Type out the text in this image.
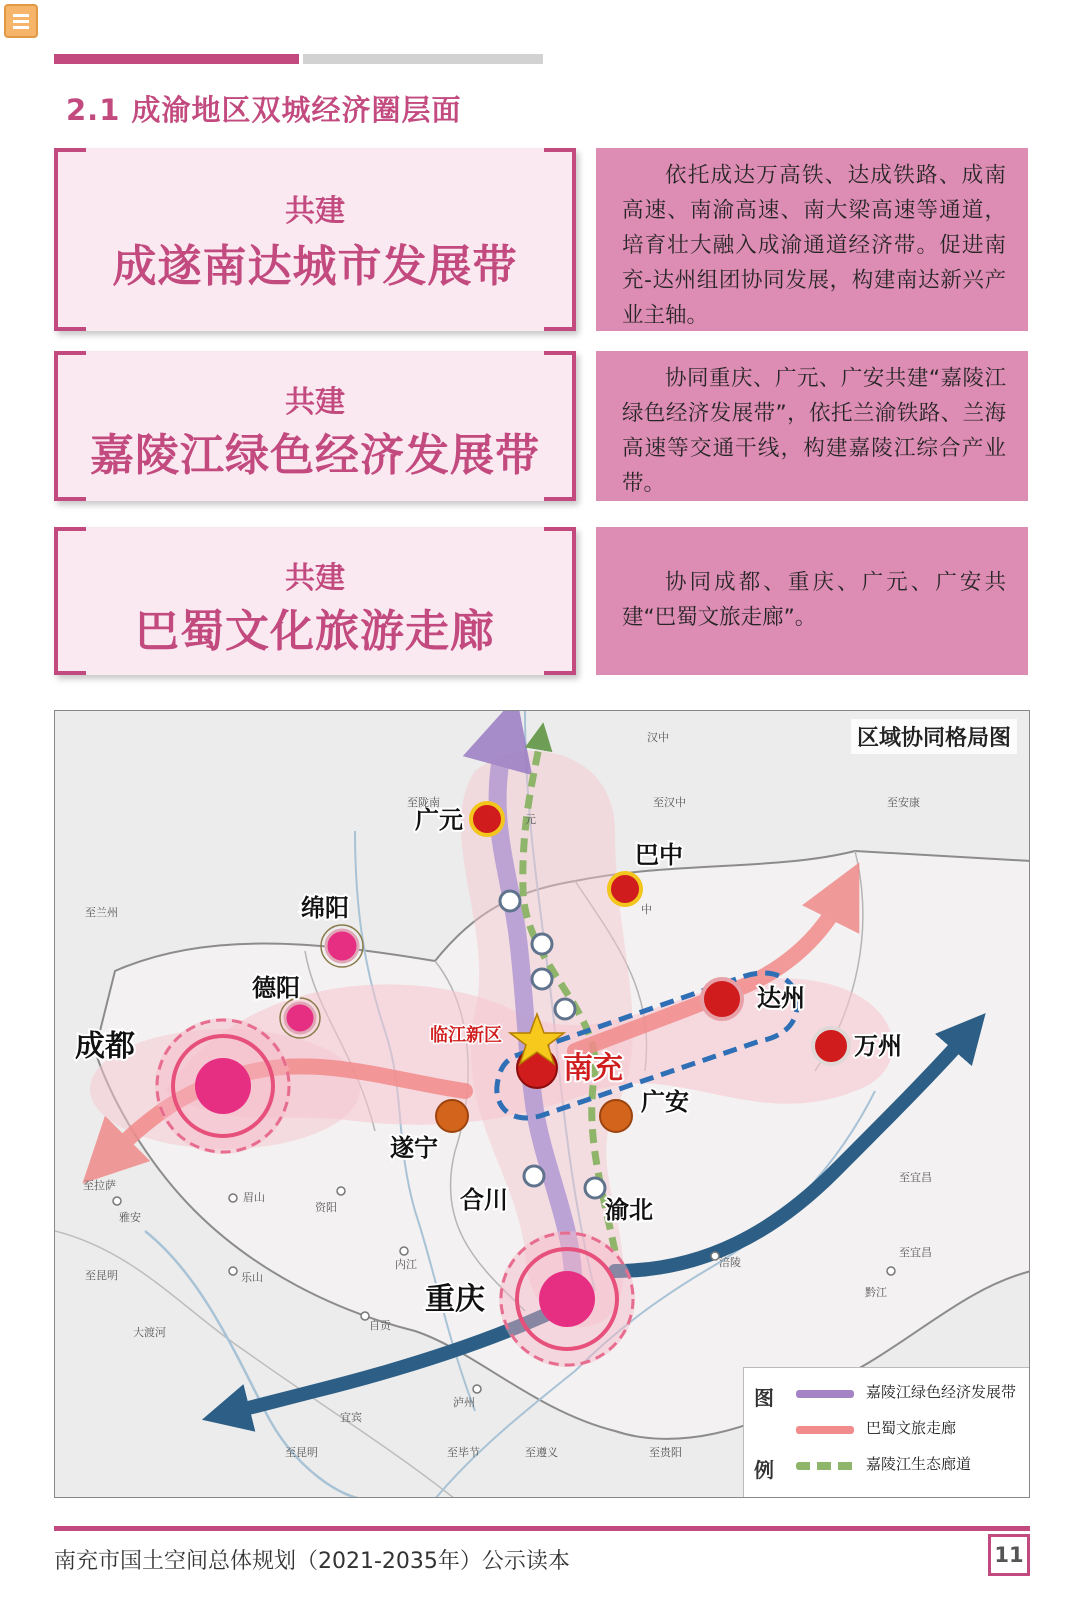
2.1 成渝地区双城经济圈层面
共建
成遂南达城市发展带
依托成达万高铁、达成铁路、成南高速、南渝高速、南大梁高速等通道，培育壮大融入成渝通道经济带。促进南充-达州组团协同发展，构建南达新兴产业主轴。
共建
嘉陵江绿色经济发展带
协同重庆、广元、广安共建“嘉陵江绿色经济发展带”，依托兰渝铁路、兰海高速等交通干线，构建嘉陵江综合产业带。
共建
巴蜀文化旅游走廊
协同成都、重庆、广元、广安共建“巴蜀文旅走廊”。
成都
重庆
广元
巴中
绵阳
德阳	达州
万州
遂宁
广安
合川	渝北
南充
临江新区
汉中
至陇南	至汉中	至安康
至兰州
至拉萨
雅安
眉山
资阳
内江
自贡
乐山
至昆明
大渡河
宜宾
泸州
至昆明	至毕节	至遵义	至贵阳
涪陵
黔江
至宜昌
至宜昌
元
中
区域协同格局图
图
例
嘉陵江绿色经济发展带
巴蜀文旅走廊
嘉陵江生态廊道
南充市国土空间总体规划（2021-2035年）公示读本	11
